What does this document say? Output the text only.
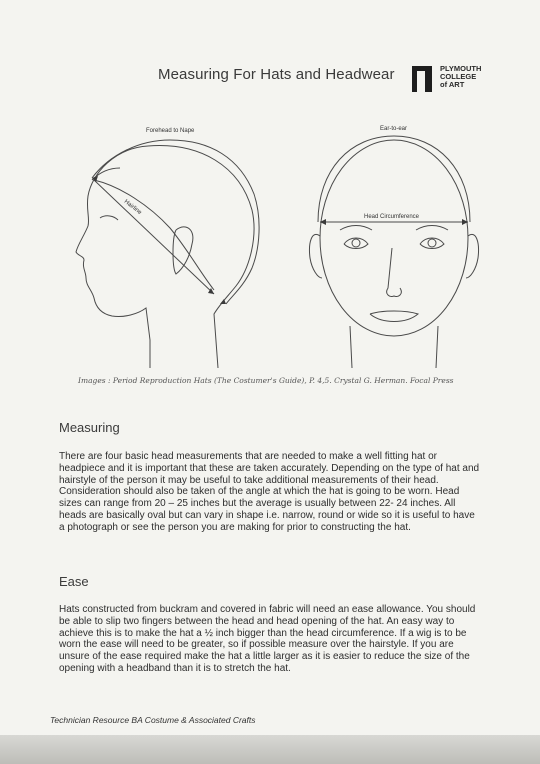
Measuring For Hats and Headwear	PLYMOUTH
COLLEGE
of ART
Forehead to Nape
Hairline
Ear-to-ear
Head Circumference
Images : Period Reproduction Hats (The Costumer's Guide), P. 4,5. Crystal G. Herman. Focal Press
Measuring
There are four basic head measurements that are needed to make a well fitting hat or headpiece and it is important that these are taken accurately. Depending on the type of hat and hairstyle of the person it may be useful to take additional measurements of their head. Consideration should also be taken of the angle at which the hat is going to be worn. Head sizes can range from 20 – 25 inches but the average is usually between 22- 24 inches. All heads are basically oval but can vary in shape i.e. narrow, round or wide so it is useful to have a photograph or see the person you are making for prior to constructing the hat.
Ease
Hats constructed from buckram and covered in fabric will need an ease allowance. You should be able to slip two fingers between the head and head opening of the hat. An easy way to achieve this is to make the hat a ½ inch bigger than the head circumference. If a wig is to be worn the ease will need to be greater, so if possible measure over the hairstyle. If you are unsure of the ease required make the hat a little larger as it is easier to reduce the size of the opening with a headband than it is to stretch the hat.
Technician Resource BA Costume & Associated Crafts
